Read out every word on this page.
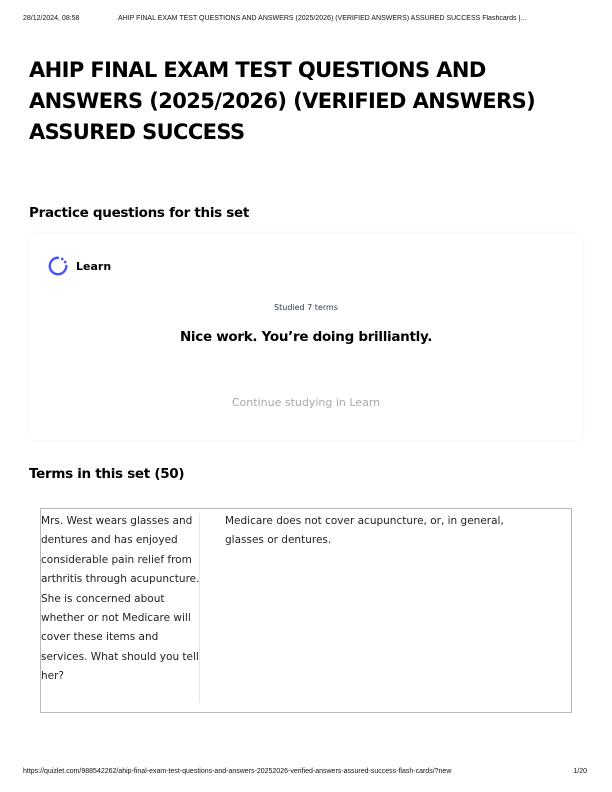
28/12/2024, 08:58	AHIP FINAL EXAM TEST QUESTIONS AND ANSWERS (2025/2026) (VERIFIED ANSWERS) ASSURED SUCCESS Flashcards |…
AHIP FINAL EXAM TEST QUESTIONS AND ANSWERS (2025/2026) (VERIFIED ANSWERS) ASSURED SUCCESS
Practice questions for this set
Learn
Studied 7 terms
Nice work. You’re doing brilliantly.
Continue studying in Learn
Terms in this set (50)
Mrs. West wears glasses and dentures and has enjoyed considerable pain relief from arthritis through acupuncture. She is concerned about whether or not Medicare will cover these items and services. What should you tell her?
Medicare does not cover acupuncture, or, in general, glasses or dentures.
https://quizlet.com/988542262/ahip-final-exam-test-questions-and-answers-20252026-verified-answers-assured-success-flash-cards/?new	1/20
